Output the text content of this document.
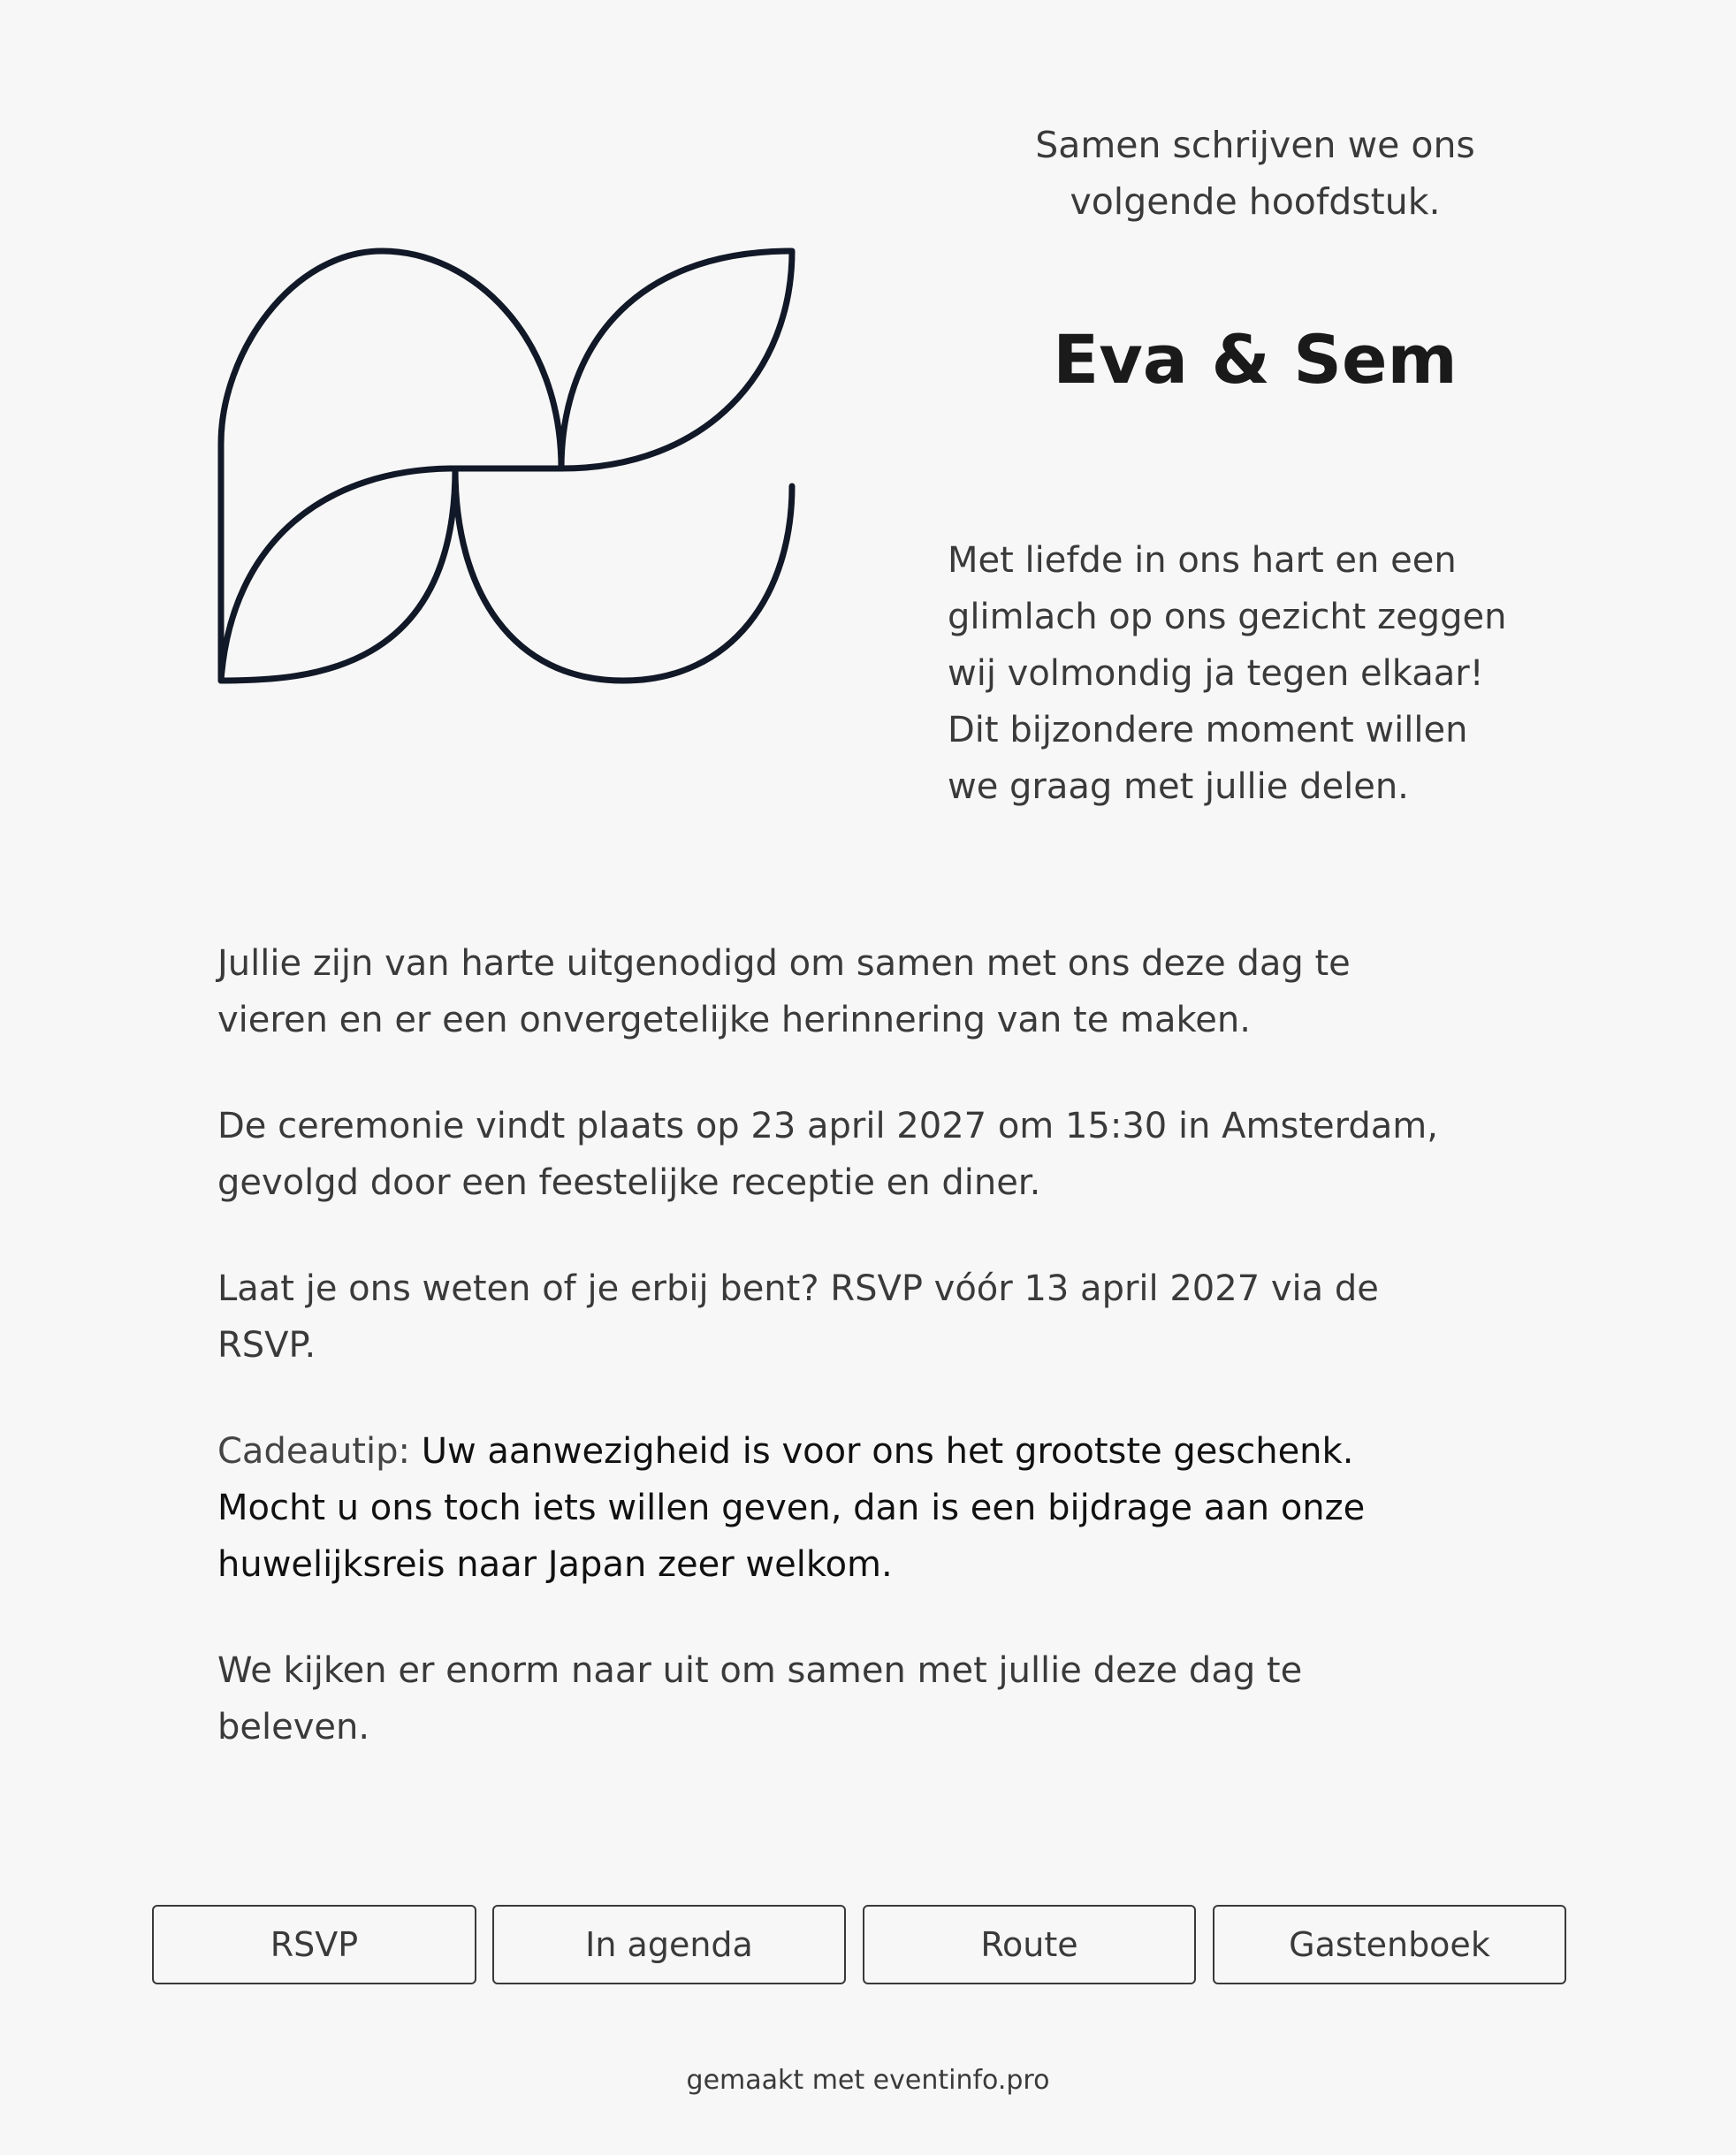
Samen schrijven we ons
volgende hoofdstuk.
Eva & Sem
Met liefde in ons hart en een
glimlach op ons gezicht zeggen
wij volmondig ja tegen elkaar!
Dit bijzondere moment willen
we graag met jullie delen.

Jullie zijn van harte uitgenodigd om samen met ons deze dag te
vieren en er een onvergetelijke herinnering van te maken.

De ceremonie vindt plaats op 23 april 2027 om 15:30 in Amsterdam,
gevolgd door een feestelijke receptie en diner.

Laat je ons weten of je erbij bent? RSVP vóór 13 april 2027 via de
RSVP.

Cadeautip: Uw aanwezigheid is voor ons het grootste geschenk.
Mocht u ons toch iets willen geven, dan is een bijdrage aan onze
huwelijksreis naar Japan zeer welkom.

We kijken er enorm naar uit om samen met jullie deze dag te
beleven.

RSVP	In agenda	Route	Gastenboek
gemaakt met eventinfo.pro
